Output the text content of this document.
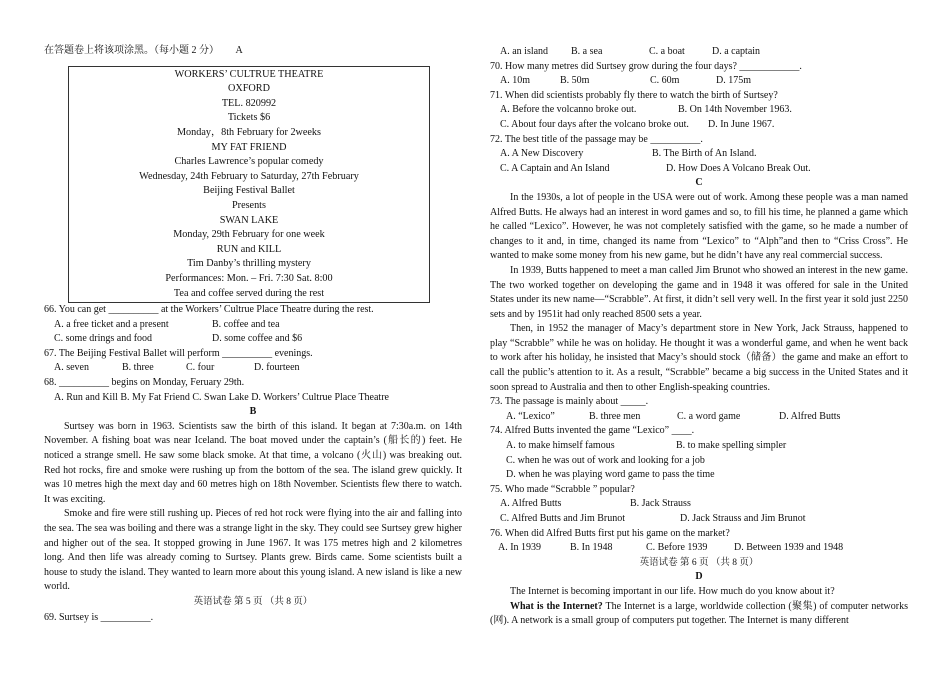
在答题卷上将该项涂黑。（每小题 2 分） A
WORKERS’ CULTRUE THEATRE
OXFORD
TEL. 820992
Tickets $6
Monday，8th February for 2weeks
MY FAT FRIEND
Charles Lawrence’s popular comedy
Wednesday, 24th February to Saturday, 27th February
Beijing Festival Ballet
Presents
SWAN LAKE
Monday, 29th February for one week
RUN and KILL
Tim Danby’s thrilling mystery
Performances: Mon. – Fri. 7:30 Sat. 8:00
Tea and coffee served during the rest
66. You can get __________ at the Workers’ Cultrue Place Theatre during the rest.
A. a free ticket and a present	B. coffee and tea
C. some drings and food	D. some coffee and $6
67. The Beijing Festival Ballet will perform __________ evenings.
A. seven	B. three	C. four	D. fourteen
68. __________ begins on Monday, Feruary 29th.
A. Run and Kill B. My Fat Friend C. Swan Lake D. Workers’ Cultrue Place Theatre
B

Surtsey was born in 1963. Scientists saw the birth of this island. It began at 7:30a.m. on 14th November. A fishing boat was near Iceland. The boat moved under the captain’s (船长的) feet. He noticed a strange smell. He saw some black smoke. At that time, a volcano (火山) was breaking out. Red hot rocks, fire and smoke were rushing up from the bottom of the sea. The island grew quickly. It was 10 metres high the mext day and 60 metres high on 18th November. Scientists flew there to watch. It was exciting.

Smoke and fire were still rushing up. Pieces of red hot rock were flying into the air and falling into the sea. The sea was boiling and there was a strange light in the sky. They could see Surtsey grew higher and higher out of the sea. It stopped growing in June 1967. It was 175 metres high and 2 kilometres long. And then life was already coming to Surtsey. Plants grew. Birds came. Some scientists built a house to study the island. They wanted to learn more about this young island. A new island is like a new world.

英语试卷 第 5 页 （共 8 页）
69. Surtsey is __________.
A. an island B. a sea	C. a boat	D. a captain
70. How many metres did Surtsey grow during the four days? ____________.
A. 10m	B. 50m	C. 60m	D. 175m
71. When did scientists probably fly there to watch the birth of Surtsey?
A. Before the volcanno broke out.	B. On 14th November 1963.
C. About four days after the volcano broke out. D. In June 1967.
72. The best title of the passage may be __________.
A. A New Discovery	B. The Birth of An Island.
C. A Captain and An Island	D. How Does A Volcano Break Out.
C

In the 1930s, a lot of people in the USA were out of work. Among these people was a man named Alfred Butts. He always had an interest in word games and so, to fill his time, he planned a game which he called “Lexico”. However, he was not completely satisfied with the game, so he made a number of changes to it and, in time, changed its name from “Lexico” to “Alph”and then to “Criss Cross”. He wanted to make some money from his new game, but he didn’t have any real commercial success.

In 1939, Butts happened to meet a man called Jim Brunot who showed an interest in the new game. The two worked together on developing the game and in 1948 it was offered for sale in the United States under its new name—“Scrabble”. At first, it didn’t sell very well. In the first year it sold just 2250 sets and by 1951it had only reached 8500 sets a year.

Then, in 1952 the manager of Macy’s department store in New York, Jack Strauss, happened to play “Scrabble” while he was on holiday. He thought it was a wonderful game, and when he went back to work after his holiday, he insisted that Macy’s should stock（储备）the game and make an effort to call the public’s attention to it. As a result, “Scrabble” became a big success in the United States and it soon spread to Australia and then to other English-speaking countries.

73. The passage is mainly about _____.
A. “Lexico”	B. three men	C. a word game	D. Alfred Butts
74. Alfred Butts invented the game “Lexico” ____.
A. to make himself famous	B. to make spelling simpler
C. when he was out of work and looking for a job
D. when he was playing word game to pass the time
75. Who made “Scrabble ” popular?
A. Alfred Butts	B. Jack Strauss
C. Alfred Butts and Jim Brunot	D. Jack Strauss and Jim Brunot
76. When did Alfred Butts first put his game on the market?
A. In 1939	B. In 1948	C. Before 1939	D. Between 1939 and 1948
英语试卷 第 6 页 （共 8 页）
D

The Internet is becoming important in our life. How much do you know about it?

What is the Internet? The Internet is a large, worldwide collection (聚集) of computer networks (网). A network is a small group of computers put together. The Internet is many different
